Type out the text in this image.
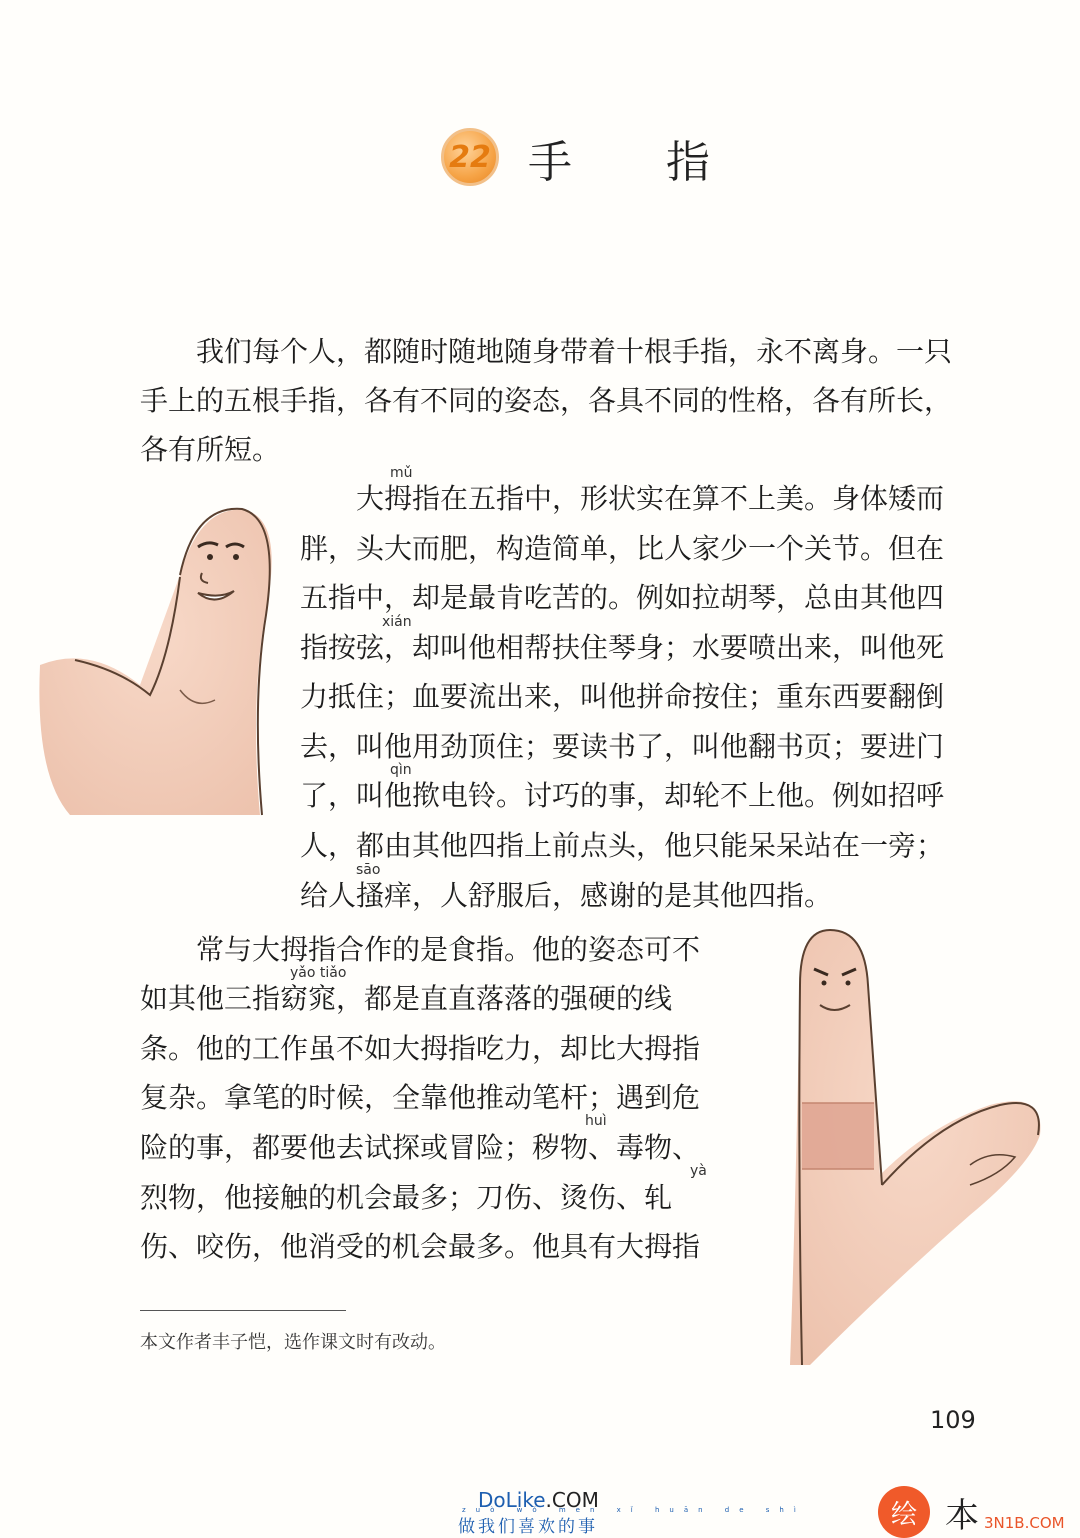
22 手 指
我们每个人，都随时随地随身带着十根手指，永不离身。一只
手上的五根手指，各有不同的姿态，各具不同的性格，各有所长，
各有所短。
mǔ
xián
qìn
sāo
大拇指在五指中，形状实在算不上美。身体矮而
胖，头大而肥，构造简单，比人家少一个关节。但在
五指中，却是最肯吃苦的。例如拉胡琴，总由其他四
指按弦，却叫他相帮扶住琴身；水要喷出来，叫他死
力抵住；血要流出来，叫他拼命按住；重东西要翻倒
去，叫他用劲顶住；要读书了，叫他翻书页；要进门
了，叫他揿电铃。讨巧的事，却轮不上他。例如招呼
人，都由其他四指上前点头，他只能呆呆站在一旁；
给人搔痒，人舒服后，感谢的是其他四指。
yǎo tiǎo
huì
yà
常与大拇指合作的是食指。他的姿态可不
如其他三指窈窕，都是直直落落的强硬的线
条。他的工作虽不如大拇指吃力，却比大拇指
复杂。拿笔的时候，全靠他推动笔杆；遇到危
险的事，都要他去试探或冒险；秽物、毒物、
烈物，他接触的机会最多；刀伤、烫伤、轧
伤、咬伤，他消受的机会最多。他具有大拇指
本文作者丰子恺，选作课文时有改动。
109
DoLike.COM
zuò wǒ men xǐ huān de shì
做我们喜欢的事	绘 本 3N1B.COM
